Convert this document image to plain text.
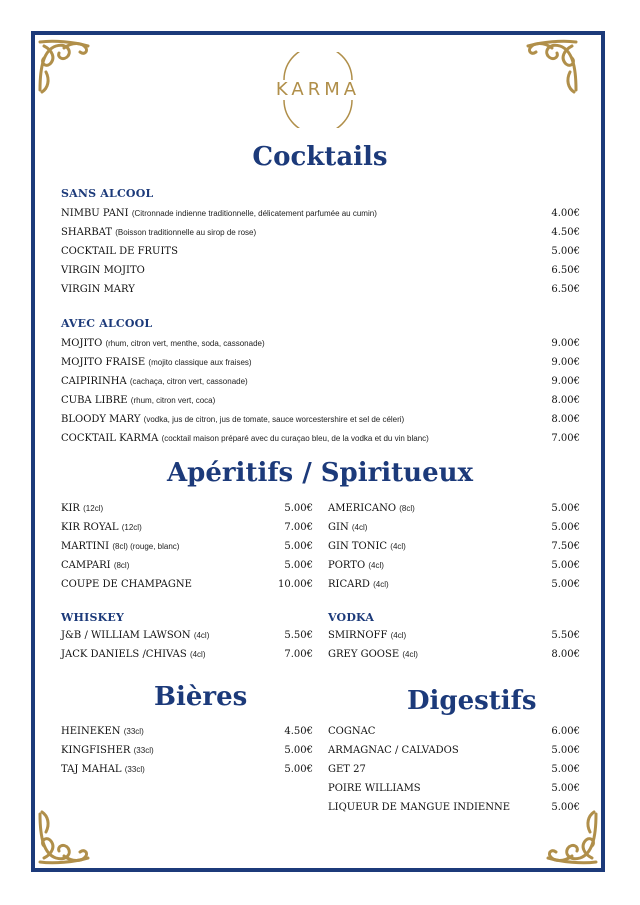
KARMA
Cocktails
SANS ALCOOL
NIMBU PANI (Citronnade indienne traditionnelle, délicatement parfumée au cumin)	4.00€
SHARBAT (Boisson traditionnelle au sirop de rose)	4.50€
COCKTAIL DE FRUITS	5.00€
VIRGIN MOJITO	6.50€
VIRGIN MARY	6.50€
AVEC ALCOOL
MOJITO (rhum, citron vert, menthe, soda, cassonade)	9.00€
MOJITO FRAISE (mojito classique aux fraises)	9.00€
CAIPIRINHA (cachaça, citron vert, cassonade)	9.00€
CUBA LIBRE (rhum, citron vert, coca)	8.00€
BLOODY MARY (vodka, jus de citron, jus de tomate, sauce worcestershire et sel de céleri)	8.00€
COCKTAIL KARMA (cocktail maison préparé avec du curaçao bleu, de la vodka et du vin blanc)	7.00€
Apéritifs / Spiritueux
KIR (12cl)	5.00€
KIR ROYAL (12cl)	7.00€
MARTINI (8cl) (rouge, blanc)	5.00€
CAMPARI (8cl)	5.00€
COUPE DE CHAMPAGNE	10.00€
AMERICANO (8cl)	5.00€
GIN (4cl)	5.00€
GIN TONIC (4cl)	7.50€
PORTO (4cl)	5.00€
RICARD (4cl)	5.00€
WHISKEY	VODKA
J&B / WILLIAM LAWSON (4cl)	5.50€
JACK DANIELS /CHIVAS (4cl)	7.00€
SMIRNOFF (4cl)	5.50€
GREY GOOSE (4cl)	8.00€
Bières	Digestifs
HEINEKEN (33cl)	4.50€
KINGFISHER (33cl)	5.00€
TAJ MAHAL (33cl)	5.00€
COGNAC	6.00€
ARMAGNAC / CALVADOS	5.00€
GET 27	5.00€
POIRE WILLIAMS	5.00€
LIQUEUR DE MANGUE INDIENNE	5.00€
